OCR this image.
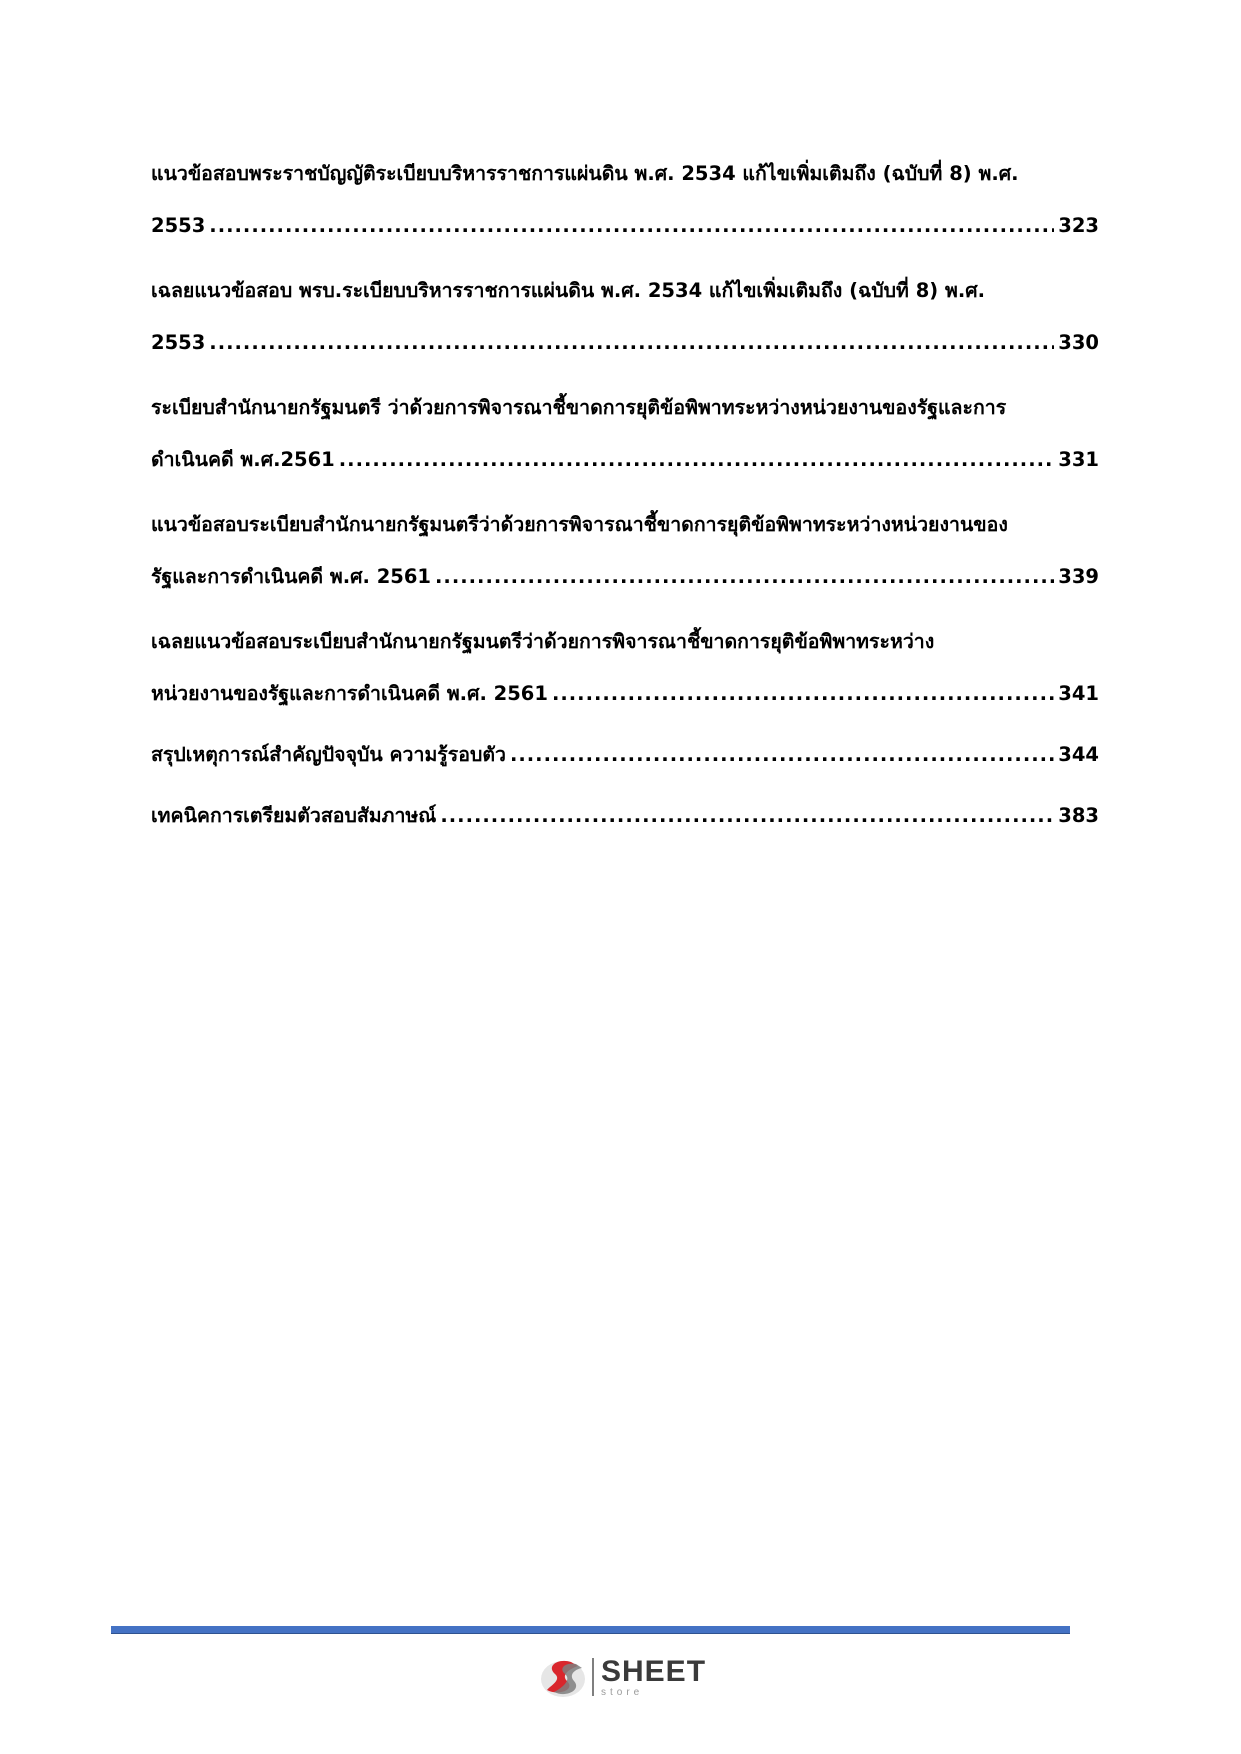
แนวข้อสอบพระราชบัญญัติระเบียบบริหารราชการแผ่นดิน พ.ศ. 2534 แก้ไขเพิ่มเติมถึง (ฉบับที่ 8) พ.ศ.
2553 .....	323
เฉลยแนวข้อสอบ พรบ.ระเบียบบริหารราชการแผ่นดิน พ.ศ. 2534 แก้ไขเพิ่มเติมถึง (ฉบับที่ 8) พ.ศ.
2553 .....	330
ระเบียบสำนักนายกรัฐมนตรี ว่าด้วยการพิจารณาชี้ขาดการยุติข้อพิพาทระหว่างหน่วยงานของรัฐและการ
ดำเนินคดี พ.ศ.2561 .....	331
แนวข้อสอบระเบียบสำนักนายกรัฐมนตรีว่าด้วยการพิจารณาชี้ขาดการยุติข้อพิพาทระหว่างหน่วยงานของ
รัฐและการดำเนินคดี พ.ศ. 2561 .....	339
เฉลยแนวข้อสอบระเบียบสำนักนายกรัฐมนตรีว่าด้วยการพิจารณาชี้ขาดการยุติข้อพิพาทระหว่าง
หน่วยงานของรัฐและการดำเนินคดี พ.ศ. 2561 .....	341
สรุปเหตุการณ์สำคัญปัจจุบัน ความรู้รอบตัว .....	344
เทคนิคการเตรียมตัวสอบสัมภาษณ์ .....	383
SHEET
store
